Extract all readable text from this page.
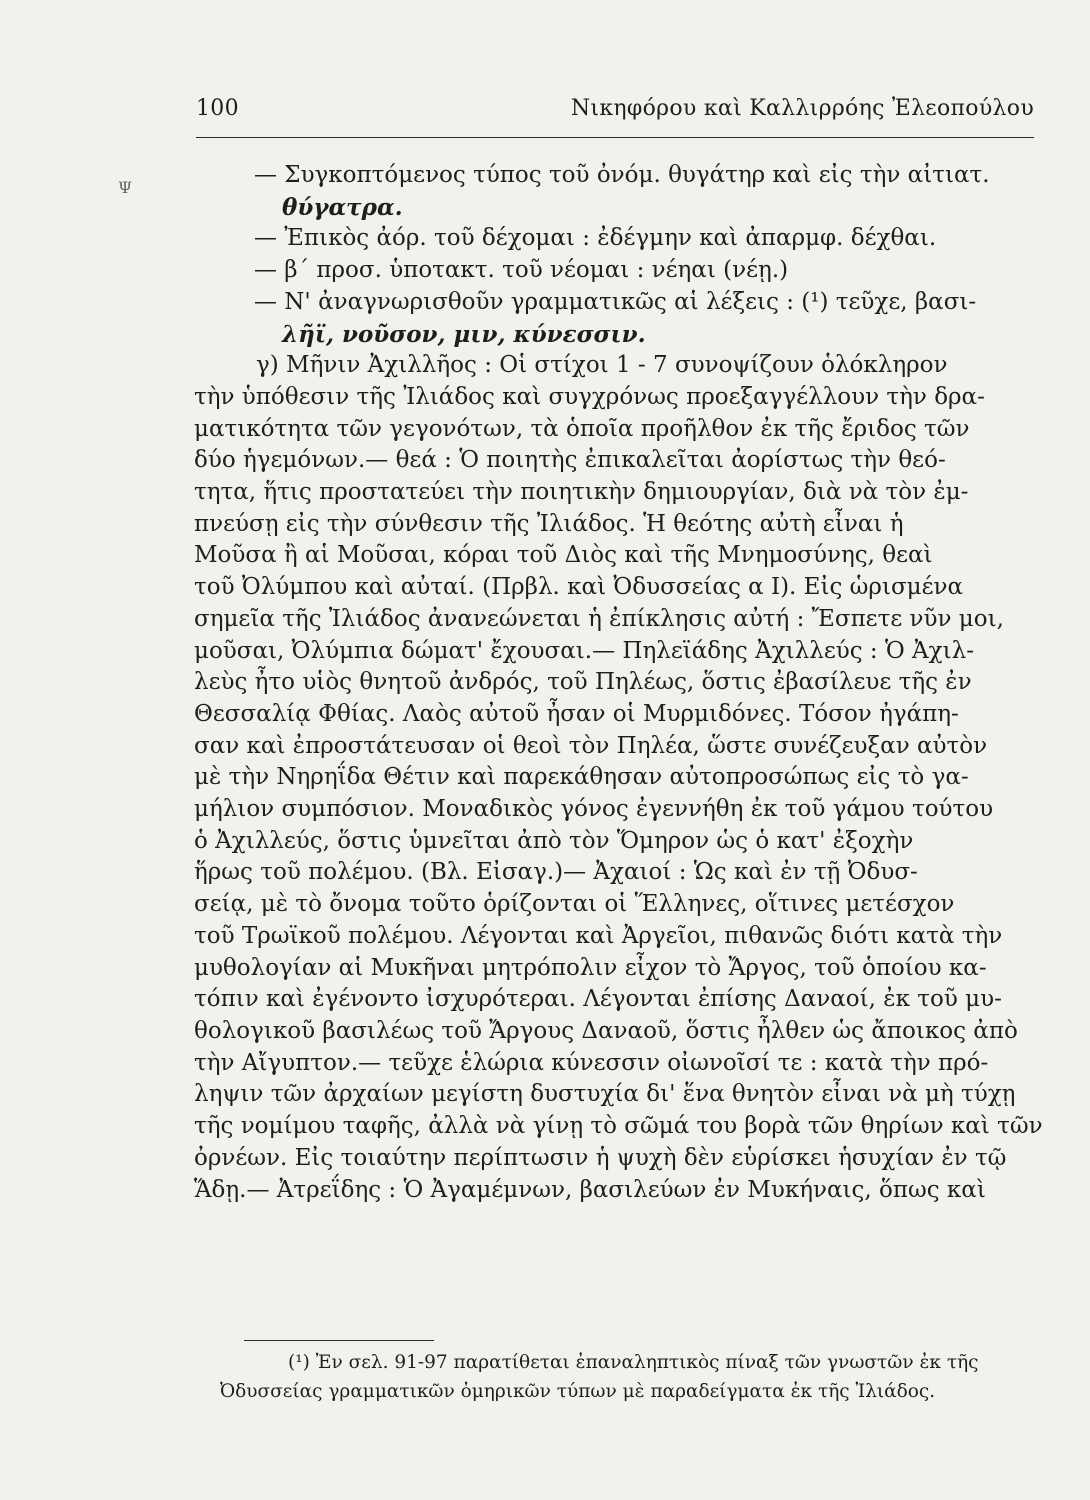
Ψ
100	Νικηφόρου καὶ Καλλιρρόης Ἐλεοπούλου
— Συγκοπτόμενος τύπος τοῦ ὀνόμ. θυγάτηρ καὶ εἰς τὴν αἰτιατ.
θύγατρα.
— Ἐπικὸς ἀόρ. τοῦ δέχομαι : ἐδέγμην καὶ ἀπαρμφ. δέχθαι.
— β΄ προσ. ὑποτακτ. τοῦ νέομαι : νέηαι (νέῃ.)
— Ν' ἀναγνωρισθοῦν γραμματικῶς αἱ λέξεις : (¹) τεῦχε, βασι-
λῆϊ, νοῦσον, μιν, κύνεσσιν.
γ) Μῆνιν Ἀχιλλῆος : Οἱ στίχοι 1 - 7 συνοψίζουν ὁλόκληρον
τὴν ὑπόθεσιν τῆς Ἰλιάδος καὶ συγχρόνως προεξαγγέλλουν τὴν δρα-
ματικότητα τῶν γεγονότων, τὰ ὁποῖα προῆλθον ἐκ τῆς ἔριδος τῶν
δύο ἡγεμόνων.— θεά : Ὁ ποιητὴς ἐπικαλεῖται ἀορίστως τὴν θεό-
τητα, ἥτις προστατεύει τὴν ποιητικὴν δημιουργίαν, διὰ νὰ τὸν ἐμ-
πνεύσῃ εἰς τὴν σύνθεσιν τῆς Ἰλιάδος. Ἡ θεότης αὐτὴ εἶναι ἡ
Μοῦσα ἢ αἱ Μοῦσαι, κόραι τοῦ Διὸς καὶ τῆς Μνημοσύνης, θεαὶ
τοῦ Ὀλύμπου καὶ αὐταί. (Πρβλ. καὶ Ὀδυσσείας α Ι). Εἰς ὡρισμένα
σημεῖα τῆς Ἰλιάδος ἀνανεώνεται ἡ ἐπίκλησις αὐτή : Ἔσπετε νῦν μοι,
μοῦσαι, Ὀλύμπια δώματ' ἔχουσαι.— Πηλεϊάδης Ἀχιλλεύς : Ὁ Ἀχιλ-
λεὺς ἦτο υἱὸς θνητοῦ ἀνδρός, τοῦ Πηλέως, ὅστις ἐβασίλευε τῆς ἐν
Θεσσαλίᾳ Φθίας. Λαὸς αὐτοῦ ἦσαν οἱ Μυρμιδόνες. Τόσον ἠγάπη-
σαν καὶ ἐπροστάτευσαν οἱ θεοὶ τὸν Πηλέα, ὥστε συνέζευξαν αὐτὸν
μὲ τὴν Νηρηΐδα Θέτιν καὶ παρεκάθησαν αὐτοπροσώπως εἰς τὸ γα-
μήλιον συμπόσιον. Μοναδικὸς γόνος ἐγεννήθη ἐκ τοῦ γάμου τούτου
ὁ Ἀχιλλεύς, ὅστις ὑμνεῖται ἀπὸ τὸν Ὅμηρον ὡς ὁ κατ' ἐξοχὴν
ἥρως τοῦ πολέμου. (Βλ. Εἰσαγ.)— Ἀχαιοί : Ὡς καὶ ἐν τῇ Ὀδυσ-
σείᾳ, μὲ τὸ ὄνομα τοῦτο ὁρίζονται οἱ Ἕλληνες, οἵτινες μετέσχον
τοῦ Τρωϊκοῦ πολέμου. Λέγονται καὶ Ἀργεῖοι, πιθανῶς διότι κατὰ τὴν
μυθολογίαν αἱ Μυκῆναι μητρόπολιν εἶχον τὸ Ἄργος, τοῦ ὁποίου κα-
τόπιν καὶ ἐγένοντο ἰσχυρότεραι. Λέγονται ἐπίσης Δαναοί, ἐκ τοῦ μυ-
θολογικοῦ βασιλέως τοῦ Ἄργους Δαναοῦ, ὅστις ἦλθεν ὡς ἄποικος ἀπὸ
τὴν Αἴγυπτον.— τεῦχε ἑλώρια κύνεσσιν οἰωνοῖσί τε : κατὰ τὴν πρό-
ληψιν τῶν ἀρχαίων μεγίστη δυστυχία δι' ἕνα θνητὸν εἶναι νὰ μὴ τύχῃ
τῆς νομίμου ταφῆς, ἀλλὰ νὰ γίνῃ τὸ σῶμά του βορὰ τῶν θηρίων καὶ τῶν
ὀρνέων. Εἰς τοιαύτην περίπτωσιν ἡ ψυχὴ δὲν εὑρίσκει ἡσυχίαν ἐν τῷ
Ἅδῃ.— Ἀτρεΐδης : Ὁ Ἀγαμέμνων, βασιλεύων ἐν Μυκήναις, ὅπως καὶ
(¹) Ἐν σελ. 91-97 παρατίθεται ἐπαναληπτικὸς πίναξ τῶν γνωστῶν ἐκ τῆς
Ὀδυσσείας γραμματικῶν ὁμηρικῶν τύπων μὲ παραδείγματα ἐκ τῆς Ἰλιάδος.
